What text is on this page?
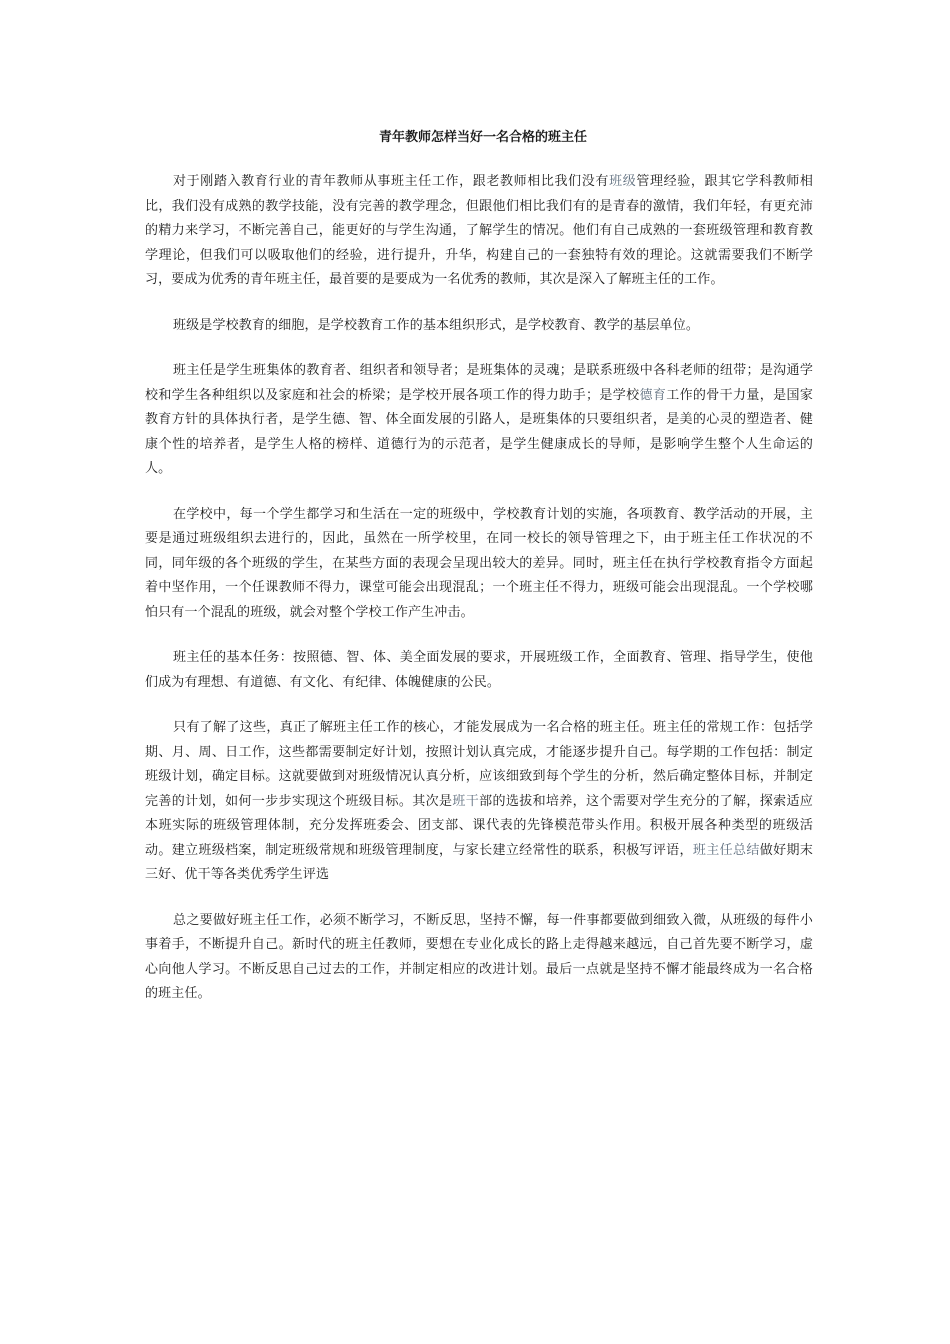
青年教师怎样当好一名合格的班主任

对于刚踏入教育行业的青年教师从事班主任工作，跟老教师相比我们没有班级管理经验，跟其它学科教师相比，我们没有成熟的教学技能，没有完善的教学理念，但跟他们相比我们有的是青春的激情，我们年轻，有更充沛的精力来学习，不断完善自己，能更好的与学生沟通，了解学生的情况。他们有自己成熟的一套班级管理和教育教学理论，但我们可以吸取他们的经验，进行提升，升华，构建自己的一套独特有效的理论。这就需要我们不断学习，要成为优秀的青年班主任，最首要的是要成为一名优秀的教师，其次是深入了解班主任的工作。

班级是学校教育的细胞，是学校教育工作的基本组织形式，是学校教育、教学的基层单位。

班主任是学生班集体的教育者、组织者和领导者；是班集体的灵魂；是联系班级中各科老师的纽带；是沟通学校和学生各种组织以及家庭和社会的桥梁；是学校开展各项工作的得力助手；是学校德育工作的骨干力量，是国家教育方针的具体执行者，是学生德、智、体全面发展的引路人，是班集体的只要组织者，是美的心灵的塑造者、健康个性的培养者，是学生人格的榜样、道德行为的示范者，是学生健康成长的导师，是影响学生整个人生命运的人。

在学校中，每一个学生都学习和生活在一定的班级中，学校教育计划的实施，各项教育、教学活动的开展，主要是通过班级组织去进行的，因此，虽然在一所学校里，在同一校长的领导管理之下，由于班主任工作状况的不同，同年级的各个班级的学生，在某些方面的表现会呈现出较大的差异。同时，班主任在执行学校教育指令方面起着中坚作用，一个任课教师不得力，课堂可能会出现混乱；一个班主任不得力，班级可能会出现混乱。一个学校哪怕只有一个混乱的班级，就会对整个学校工作产生冲击。

班主任的基本任务：按照德、智、体、美全面发展的要求，开展班级工作，全面教育、管理、指导学生，使他们成为有理想、有道德、有文化、有纪律、体魄健康的公民。

只有了解了这些，真正了解班主任工作的核心，才能发展成为一名合格的班主任。班主任的常规工作：包括学期、月、周、日工作，这些都需要制定好计划，按照计划认真完成，才能逐步提升自己。每学期的工作包括：制定班级计划，确定目标。这就要做到对班级情况认真分析，应该细致到每个学生的分析，然后确定整体目标，并制定完善的计划，如何一步步实现这个班级目标。其次是班干部的选拔和培养，这个需要对学生充分的了解，探索适应本班实际的班级管理体制，充分发挥班委会、团支部、课代表的先锋模范带头作用。积极开展各种类型的班级活动。建立班级档案，制定班级常规和班级管理制度，与家长建立经常性的联系，积极写评语，班主任总结做好期末三好、优干等各类优秀学生评选

总之要做好班主任工作，必须不断学习，不断反思，坚持不懈，每一件事都要做到细致入微，从班级的每件小事着手，不断提升自己。新时代的班主任教师，要想在专业化成长的路上走得越来越远，自己首先要不断学习，虚心向他人学习。不断反思自己过去的工作，并制定相应的改进计划。最后一点就是坚持不懈才能最终成为一名合格的班主任。
